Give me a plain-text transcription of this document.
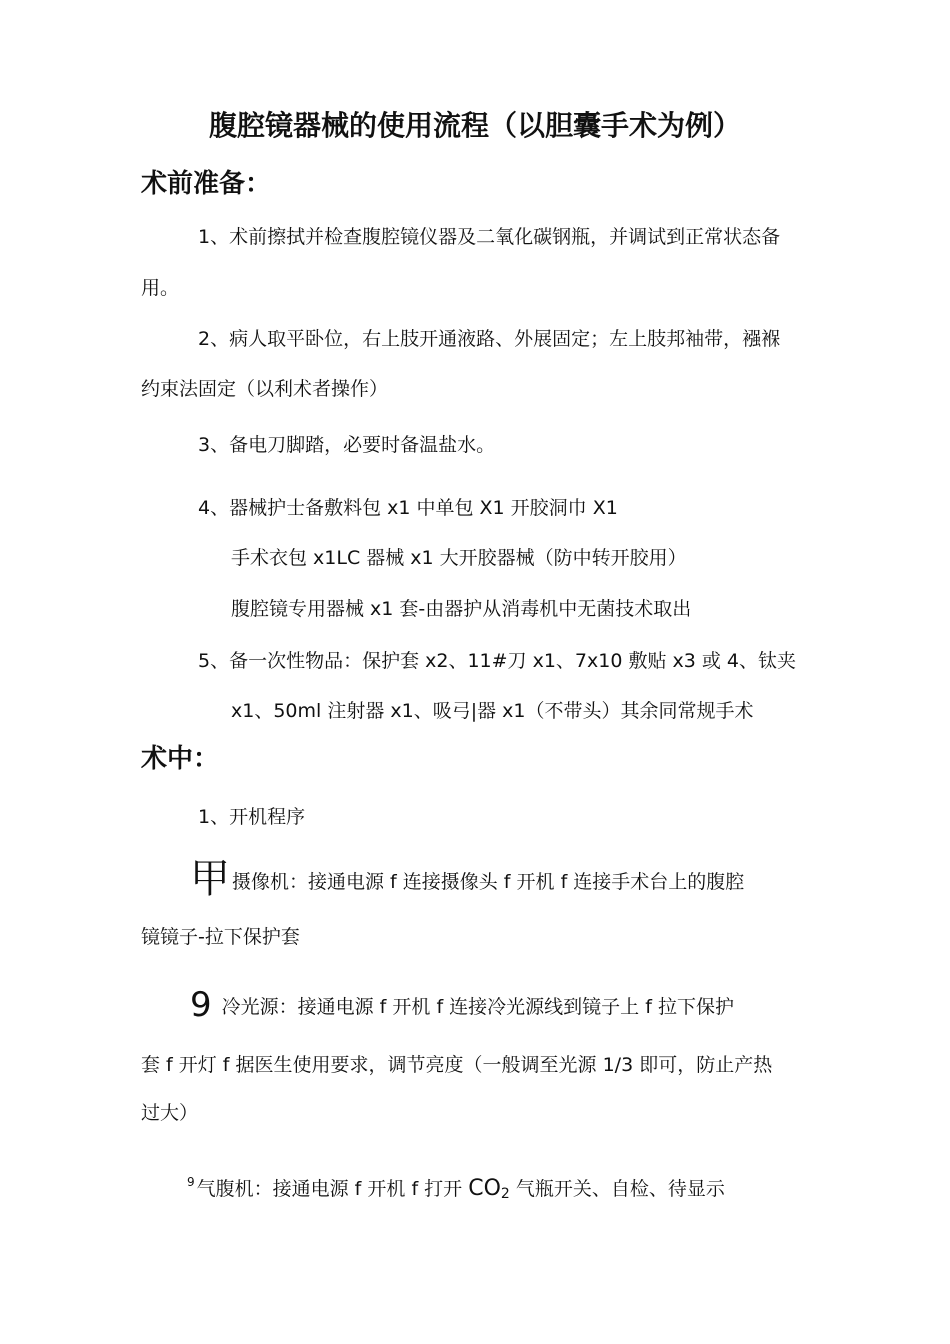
腹腔镜器械的使用流程（以胆囊手术为例）
术前准备：
1、术前擦拭并检查腹腔镜仪器及二氧化碳钢瓶，并调试到正常状态备
用。
2、病人取平卧位，右上肢开通液路、外展固定；左上肢邦袖带，襁褓
约束法固定（以利术者操作）
3、备电刀脚踏，必要时备温盐水。
4、器械护士备敷料包 x1 中单包 X1 开胶洞巾 X1
手术衣包 x1LC 器械 x1 大开胶器械（防中转开胶用）
腹腔镜专用器械 x1 套-由器护从消毒机中无菌技术取出
5、备一次性物品：保护套 x2、11#刀 x1、7x10 敷贴 x3 或 4、钛夹
x1、50ml 注射器 x1、吸弓|器 x1（不带头）其余同常规手术
术中：
1、开机程序
甲摄像机：接通电源 f 连接摄像头 f 开机 f 连接手术台上的腹腔
镜镜子-拉下保护套
9 冷光源：接通电源 f 开机 f 连接冷光源线到镜子上 f 拉下保护
套 f 开灯 f 据医生使用要求，调节亮度（一般调至光源 1/3 即可，防止产热
过大）
$^9$ 气腹机：接通电源 f 开机 f 打开 $CO_2$ 气瓶开关、自检、待显示
